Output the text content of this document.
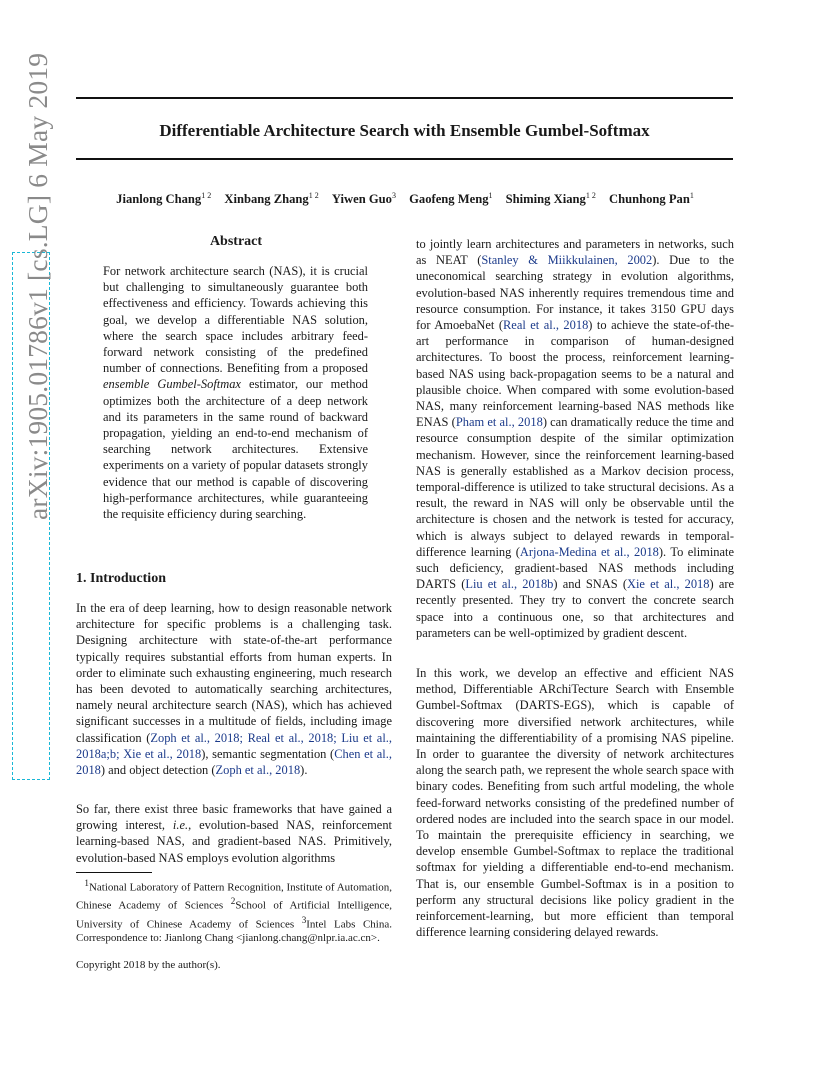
Differentiable Architecture Search with Ensemble Gumbel-Softmax
Jianlong Chang$^{1 2}$ Xinbang Zhang$^{1 2}$ Yiwen Guo$^3$ Gaofeng Meng$^1$ Shiming Xiang$^{1 2}$ Chunhong Pan$^1$
arXiv:1905.01786v1 [cs.LG] 6 May 2019	Abstract
For network architecture search (NAS), it is crucial but challenging to simultaneously guarantee both effectiveness and efficiency. Towards achieving this goal, we develop a differentiable NAS solution, where the search space includes arbitrary feed-forward network consisting of the predefined number of connections. Benefiting from a proposed ensemble Gumbel-Softmax estimator, our method optimizes both the architecture of a deep network and its parameters in the same round of backward propagation, yielding an end-to-end mechanism of searching network architectures. Extensive experiments on a variety of popular datasets strongly evidence that our method is capable of discovering high-performance architectures, while guaranteeing the requisite efficiency during searching.
1. Introduction
In the era of deep learning, how to design reasonable network architecture for specific problems is a challenging task. Designing architecture with state-of-the-art performance typically requires substantial efforts from human experts. In order to eliminate such exhausting engineering, much research has been devoted to automatically searching architectures, namely neural architecture search (NAS), which has achieved significant successes in a multitude of fields, including image classification (Zoph et al., 2018; Real et al., 2018; Liu et al., 2018a;b; Xie et al., 2018), semantic segmentation (Chen et al., 2018) and object detection (Zoph et al., 2018).
So far, there exist three basic frameworks that have gained a growing interest, i.e., evolution-based NAS, reinforcement learning-based NAS, and gradient-based NAS. Primitively, evolution-based NAS employs evolution algorithms
to jointly learn architectures and parameters in networks, such as NEAT (Stanley & Miikkulainen, 2002). Due to the uneconomical searching strategy in evolution algorithms, evolution-based NAS inherently requires tremendous time and resource consumption. For instance, it takes 3150 GPU days for AmoebaNet (Real et al., 2018) to achieve the state-of-the-art performance in comparison of human-designed architectures. To boost the process, reinforcement learning-based NAS using back-propagation seems to be a natural and plausible choice. When compared with some evolution-based NAS, many reinforcement learning-based NAS methods like ENAS (Pham et al., 2018) can dramatically reduce the time and resource consumption despite of the similar optimization mechanism. However, since the reinforcement learning-based NAS is generally established as a Markov decision process, temporal-difference is utilized to take structural decisions. As a result, the reward in NAS will only be observable until the architecture is chosen and the network is tested for accuracy, which is always subject to delayed rewards in temporal-difference learning (Arjona-Medina et al., 2018). To eliminate such deficiency, gradient-based NAS methods including DARTS (Liu et al., 2018b) and SNAS (Xie et al., 2018) are recently presented. They try to convert the concrete search space into a continuous one, so that architectures and parameters can be well-optimized by gradient descent.
In this work, we develop an effective and efficient NAS method, Differentiable ARchiTecture Search with Ensemble Gumbel-Softmax (DARTS-EGS), which is capable of discovering more diversified network architectures, while maintaining the differentiability of a promising NAS pipeline. In order to guarantee the diversity of network architectures along the search path, we represent the whole search space with binary codes. Benefiting from such artful modeling, the whole feed-forward networks consisting of the predefined number of ordered nodes are included into the search space in our model. To maintain the prerequisite efficiency in searching, we develop ensemble Gumbel-Softmax to replace the traditional softmax for yielding a differentiable end-to-end mechanism. That is, our ensemble Gumbel-Softmax is in a position to perform any structural decisions like policy gradient in the reinforcement-learning, but more efficient than temporal difference learning considering delayed rewards.
$^1$National Laboratory of Pattern Recognition, Institute of Automation, Chinese Academy of Sciences $^2$School of Artificial Intelligence, University of Chinese Academy of Sciences $^3$Intel Labs China. Correspondence to: Jianlong Chang <jianlong.chang@nlpr.ia.ac.cn>.
Copyright 2018 by the author(s).
